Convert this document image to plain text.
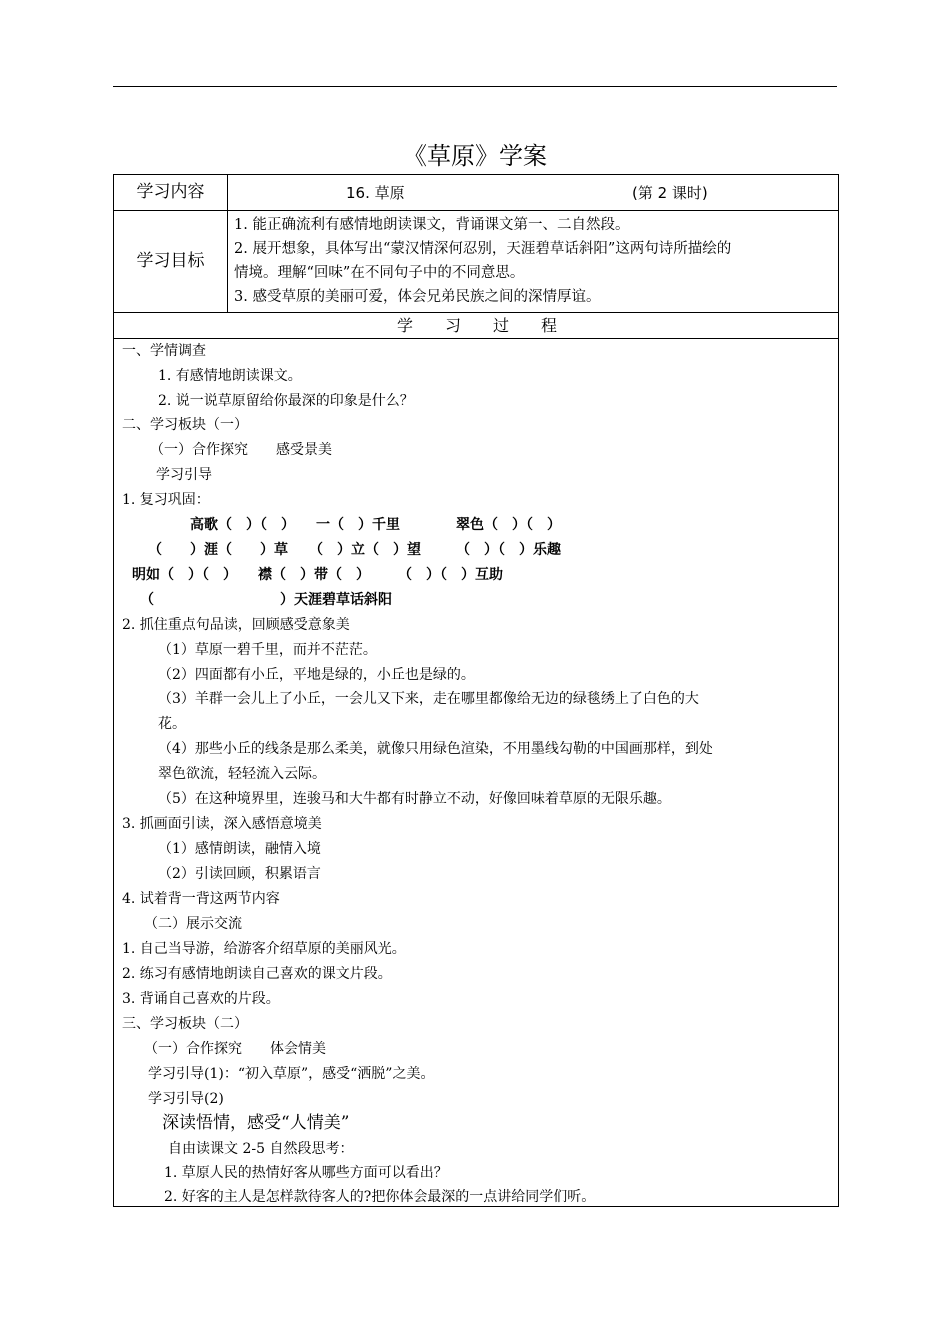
《草原》学案
学习内容	16. 草原	(第 2 课时)
学习目标
1. 能正确流利有感情地朗读课文，背诵课文第一、二自然段。
2. 展开想象，具体写出“蒙汉情深何忍别，天涯碧草话斜阳”这两句诗所描绘的
情境。理解“回味”在不同句子中的不同意思。
3. 感受草原的美丽可爱，体会兄弟民族之间的深情厚谊。
学　　习　　过　　程
一、学情调查
1. 有感情地朗读课文。
2. 说一说草原留给你最深的印象是什么？
二、学习板块（一）
（一）合作探究　　感受景美
学习引导
1. 复习巩固：
高歌（　）（　）　　一（　）千里　　　　翠色（　）（　）
（　　）涯（　　）草　　（　）立（　）望　　　（　）（　）乐趣
明如（　）（　）　　襟（　）带（　）　　　（　）（　）互助
（　　　　　　　　　）天涯碧草话斜阳
2. 抓住重点句品读，回顾感受意象美
（1）草原一碧千里，而并不茫茫。
（2）四面都有小丘，平地是绿的，小丘也是绿的。
（3）羊群一会儿上了小丘，一会儿又下来，走在哪里都像给无边的绿毯绣上了白色的大
花。
（4）那些小丘的线条是那么柔美，就像只用绿色渲染，不用墨线勾勒的中国画那样，到处
翠色欲流，轻轻流入云际。
（5）在这种境界里，连骏马和大牛都有时静立不动，好像回味着草原的无限乐趣。
3. 抓画面引读，深入感悟意境美
（1）感情朗读，融情入境
（2）引读回顾，积累语言
4. 试着背一背这两节内容
（二）展示交流
1. 自己当导游，给游客介绍草原的美丽风光。
2. 练习有感情地朗读自己喜欢的课文片段。
3. 背诵自己喜欢的片段。
三、学习板块（二）
（一）合作探究　　体会情美
学习引导(1)：“初入草原”，感受“洒脱”之美。
学习引导(2)
深读悟情，感受“人情美”
自由读课文 2-5 自然段思考：
1. 草原人民的热情好客从哪些方面可以看出？
2. 好客的主人是怎样款待客人的?把你体会最深的一点讲给同学们听。
